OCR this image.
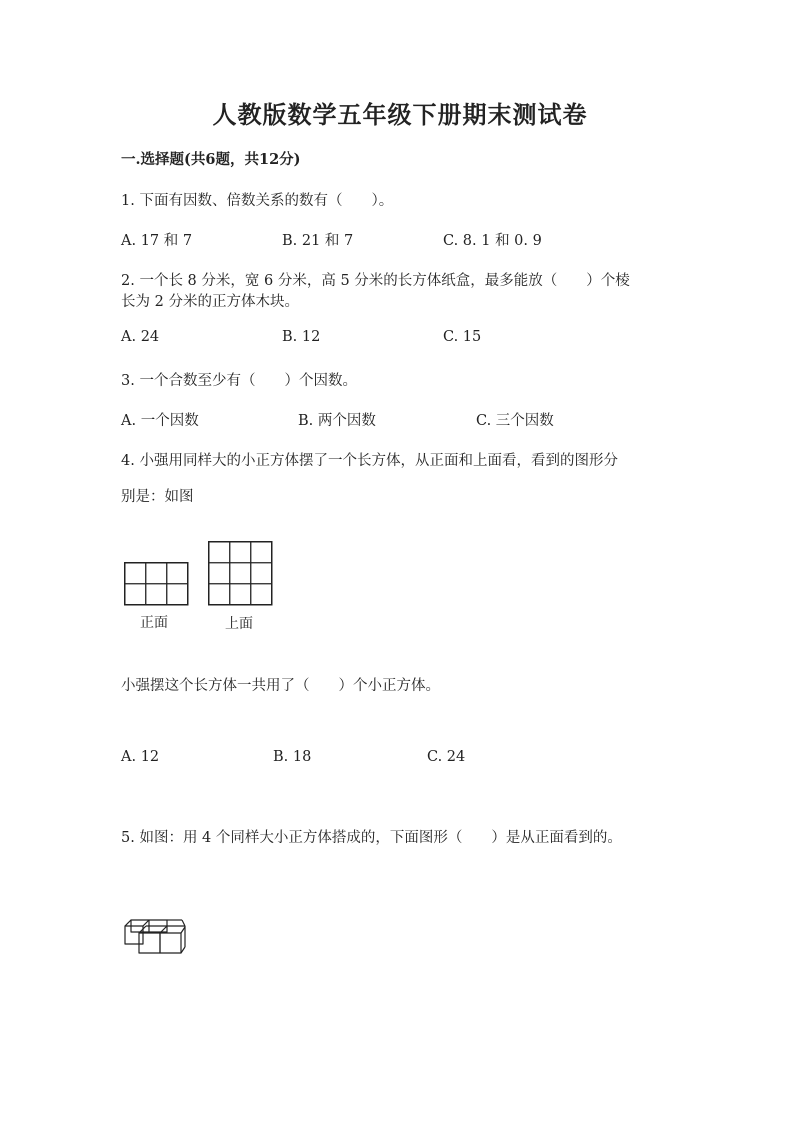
人教版数学五年级下册期末测试卷
一.选择题(共6题，共12分)
1. 下面有因数、倍数关系的数有（　　）。
A. 17 和 7	B. 21 和 7	C. 8. 1 和 0. 9
2. 一个长 8 分米，宽 6 分米，高 5 分米的长方体纸盒，最多能放（　　）个棱
长为 2 分米的正方体木块。
A. 24	B. 12	C. 15
3. 一个合数至少有（　　）个因数。
A. 一个因数	B. 两个因数	C. 三个因数
4. 小强用同样大的小正方体摆了一个长方体，从正面和上面看，看到的图形分
别是：如图
正面	上面
小强摆这个长方体一共用了（　　）个小正方体。
A. 12	B. 18	C. 24
5. 如图：用 4 个同样大小正方体搭成的，下面图形（　　）是从正面看到的。
